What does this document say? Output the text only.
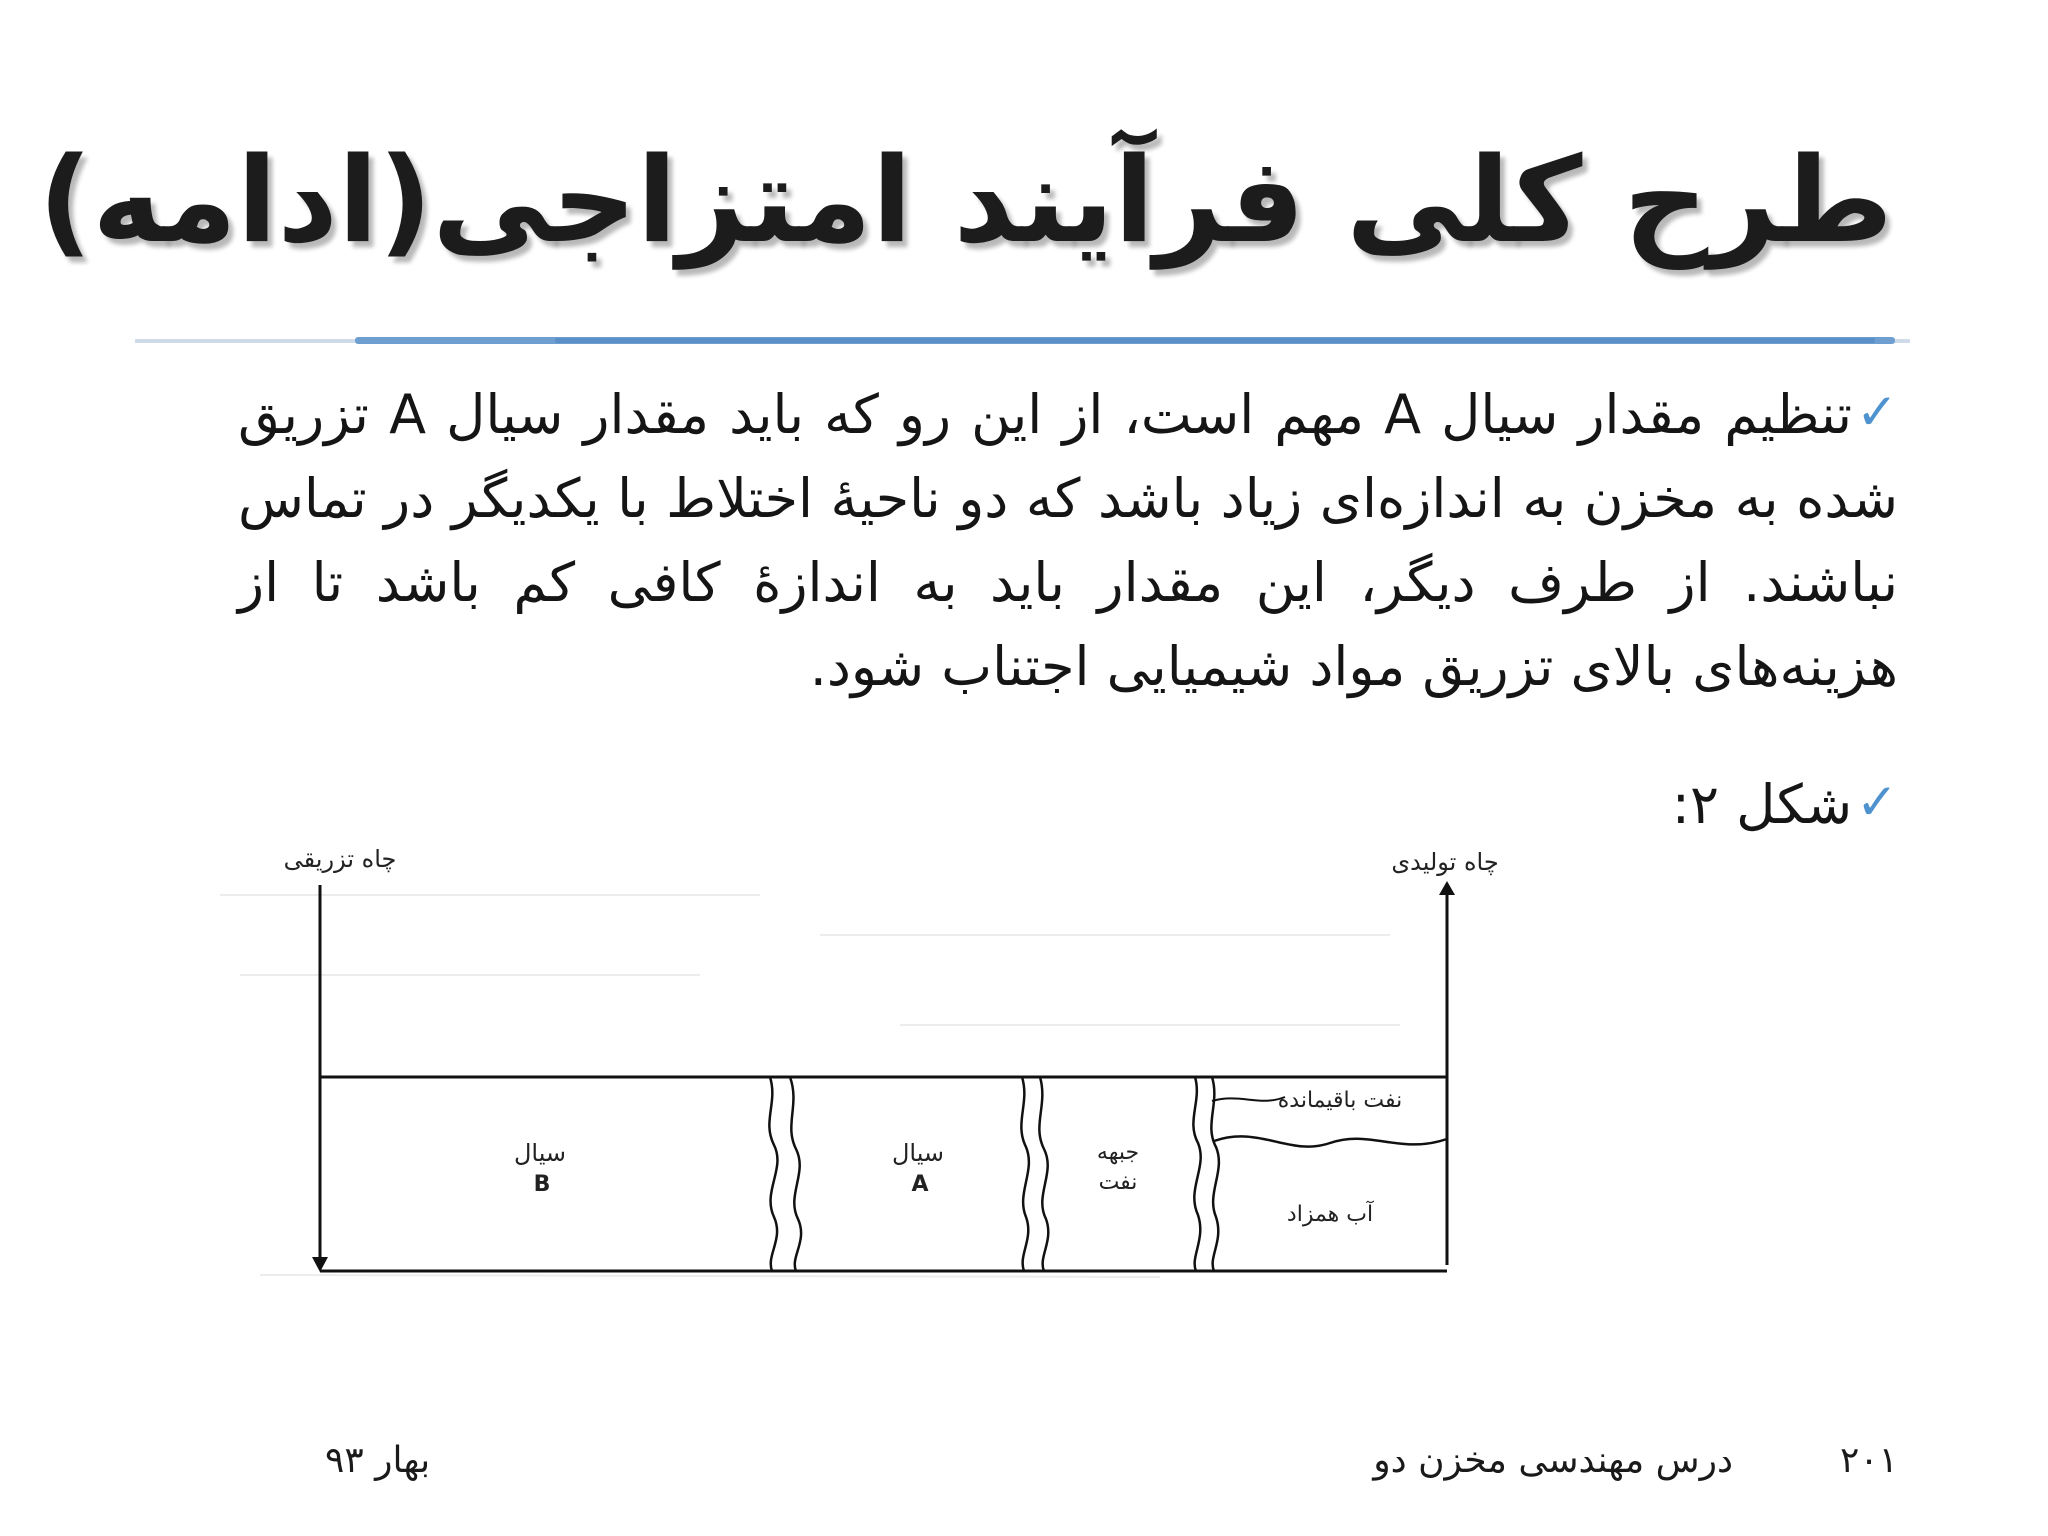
طرح کلی فرآیند امتزاجی(ادامه)
✓تنظیم مقدار سیال A مهم است، از این رو که باید مقدار سیال A تزریق شده به مخزن به اندازه‌ای زیاد باشد که دو ناحیۀ اختلاط با یکدیگر در تماس نباشند. از طرف دیگر، این مقدار باید به اندازۀ کافی کم باشد تا از هزینه‌های بالای تزریق مواد شیمیایی اجتناب شود.
✓شکل ۲:
چاه تزریقی	چاه تولیدی
سیال
B
سیال
A
جبهه
نفت
نفت باقیمانده
آب همزاد
۲۰۱
درس مهندسی مخزن دو
بهار ۹۳
